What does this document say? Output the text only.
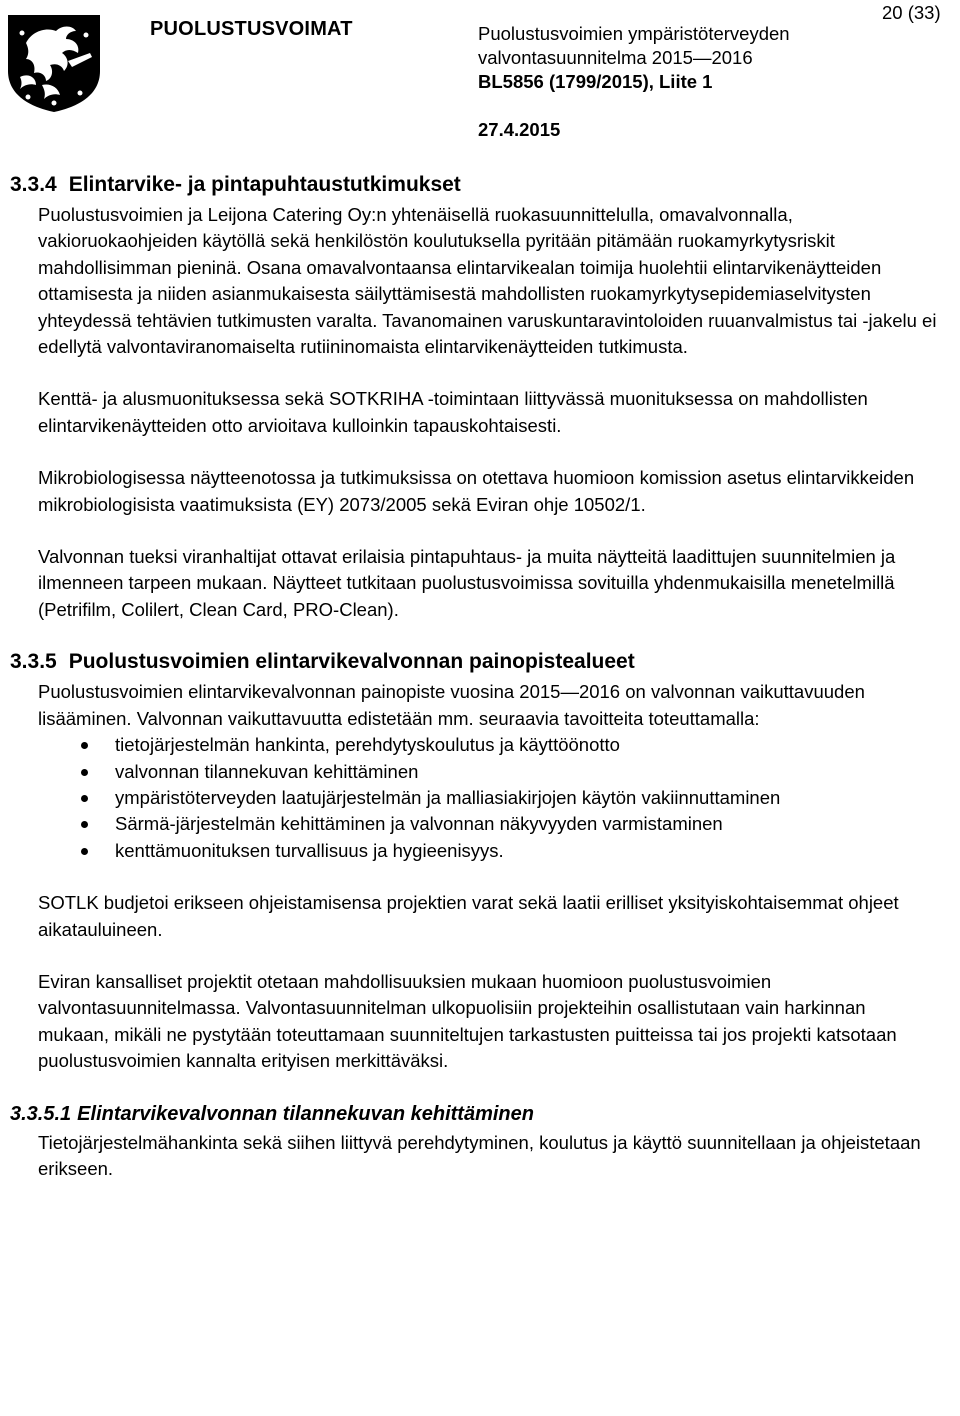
PUOLUSTUSVOIMAT	Puolustusvoimien ympäristöterveyden
valvontasuunnitelma 2015—2016
BL5856 (1799/2015), Liite 1
27.4.2015
20 (33)
3.3.4 Elintarvike- ja pintapuhtaustutkimukset

Puolustusvoimien ja Leijona Catering Oy:n yhtenäisellä ruokasuunnittelulla, omavalvonnalla, vakioruokaohjeiden käytöllä sekä henkilöstön koulutuksella pyritään pitämään ruokamyrkytysriskit mahdollisimman pieninä. Osana omavalvontaansa elintarvikealan toimija huolehtii elintarvikenäytteiden ottamisesta ja niiden asianmukaisesta säilyttämisestä mahdollisten ruokamyrkytysepidemiaselvitysten yhteydessä tehtävien tutkimusten varalta. Tavanomainen varuskuntaravintoloiden ruuanvalmistus tai -jakelu ei edellytä valvontaviranomaiselta rutiininomaista elintarvikenäytteiden tutkimusta.

Kenttä- ja alusmuonituksessa sekä SOTKRIHA -toimintaan liittyvässä muonituksessa on mahdollisten elintarvikenäytteiden otto arvioitava kulloinkin tapauskohtaisesti.

Mikrobiologisessa näytteenotossa ja tutkimuksissa on otettava huomioon komission asetus elintarvikkeiden mikrobiologisista vaatimuksista (EY) 2073/2005 sekä Eviran ohje 10502/1.

Valvonnan tueksi viranhaltijat ottavat erilaisia pintapuhtaus- ja muita näytteitä laadittujen suunnitelmien ja ilmenneen tarpeen mukaan. Näytteet tutkitaan puolustusvoimissa sovituilla yhdenmukaisilla menetelmillä (Petrifilm, Colilert, Clean Card, PRO-Clean).

3.3.5 Puolustusvoimien elintarvikevalvonnan painopistealueet

Puolustusvoimien elintarvikevalvonnan painopiste vuosina 2015—2016 on valvonnan vaikuttavuuden lisääminen. Valvonnan vaikuttavuutta edistetään mm. seuraavia tavoitteita toteuttamalla:

tietojärjestelmän hankinta, perehdytyskoulutus ja käyttöönotto
valvonnan tilannekuvan kehittäminen
ympäristöterveyden laatujärjestelmän ja malliasiakirjojen käytön vakiinnuttaminen
Särmä-järjestelmän kehittäminen ja valvonnan näkyvyyden varmistaminen
kenttämuonituksen turvallisuus ja hygieenisyys.

SOTLK budjetoi erikseen ohjeistamisensa projektien varat sekä laatii erilliset yksityiskohtaisemmat ohjeet aikatauluineen.

Eviran kansalliset projektit otetaan mahdollisuuksien mukaan huomioon puolustusvoimien valvontasuunnitelmassa. Valvontasuunnitelman ulkopuolisiin projekteihin osallistutaan vain harkinnan mukaan, mikäli ne pystytään toteuttamaan suunniteltujen tarkastusten puitteissa tai jos projekti katsotaan puolustusvoimien kannalta erityisen merkittäväksi.

3.3.5.1 Elintarvikevalvonnan tilannekuvan kehittäminen

Tietojärjestelmähankinta sekä siihen liittyvä perehdytyminen, koulutus ja käyttö suunnitellaan ja ohjeistetaan erikseen.
